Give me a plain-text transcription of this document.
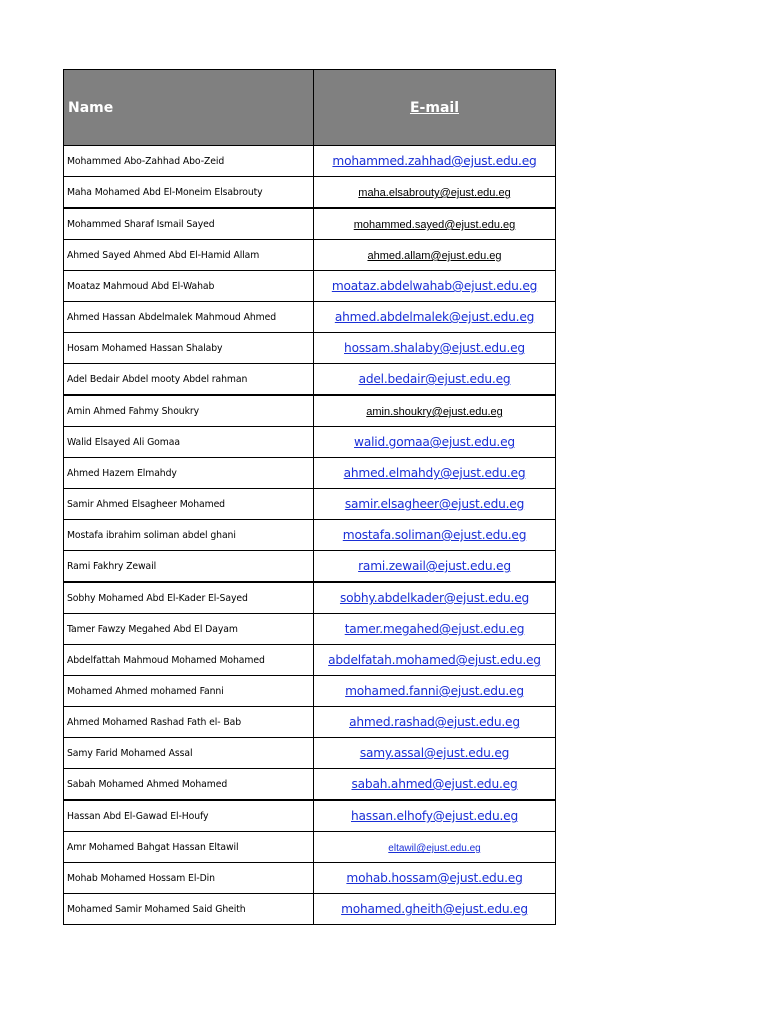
Name	E-mail
Mohammed Abo-Zahhad Abo-Zeid	mohammed.zahhad@ejust.edu.eg
Maha Mohamed Abd El-Moneim Elsabrouty	maha.elsabrouty@ejust.edu.eg
Mohammed Sharaf Ismail Sayed	mohammed.sayed@ejust.edu.eg
Ahmed Sayed Ahmed Abd El-Hamid Allam	ahmed.allam@ejust.edu.eg
Moataz Mahmoud Abd El-Wahab	moataz.abdelwahab@ejust.edu.eg
Ahmed Hassan Abdelmalek Mahmoud Ahmed	ahmed.abdelmalek@ejust.edu.eg
Hosam Mohamed Hassan Shalaby	hossam.shalaby@ejust.edu.eg
Adel Bedair Abdel mooty Abdel rahman	adel.bedair@ejust.edu.eg
Amin Ahmed Fahmy Shoukry	amin.shoukry@ejust.edu.eg
Walid Elsayed Ali Gomaa	walid.gomaa@ejust.edu.eg
Ahmed Hazem Elmahdy	ahmed.elmahdy@ejust.edu.eg
Samir Ahmed Elsagheer Mohamed	samir.elsagheer@ejust.edu.eg
Mostafa ibrahim soliman abdel ghani	mostafa.soliman@ejust.edu.eg
Rami Fakhry Zewail	rami.zewail@ejust.edu.eg
Sobhy Mohamed Abd El-Kader El-Sayed	sobhy.abdelkader@ejust.edu.eg
Tamer Fawzy Megahed Abd El Dayam	tamer.megahed@ejust.edu.eg
Abdelfattah Mahmoud Mohamed Mohamed	abdelfatah.mohamed@ejust.edu.eg
Mohamed Ahmed mohamed Fanni	mohamed.fanni@ejust.edu.eg
Ahmed Mohamed Rashad Fath el- Bab	ahmed.rashad@ejust.edu.eg
Samy Farid Mohamed Assal	samy.assal@ejust.edu.eg
Sabah Mohamed Ahmed Mohamed	sabah.ahmed@ejust.edu.eg
Hassan Abd El-Gawad El-Houfy	hassan.elhofy@ejust.edu.eg
Amr Mohamed Bahgat Hassan Eltawil	eltawil@ejust.edu.eg
Mohab Mohamed Hossam El-Din	mohab.hossam@ejust.edu.eg
Mohamed Samir Mohamed Said Gheith	mohamed.gheith@ejust.edu.eg
